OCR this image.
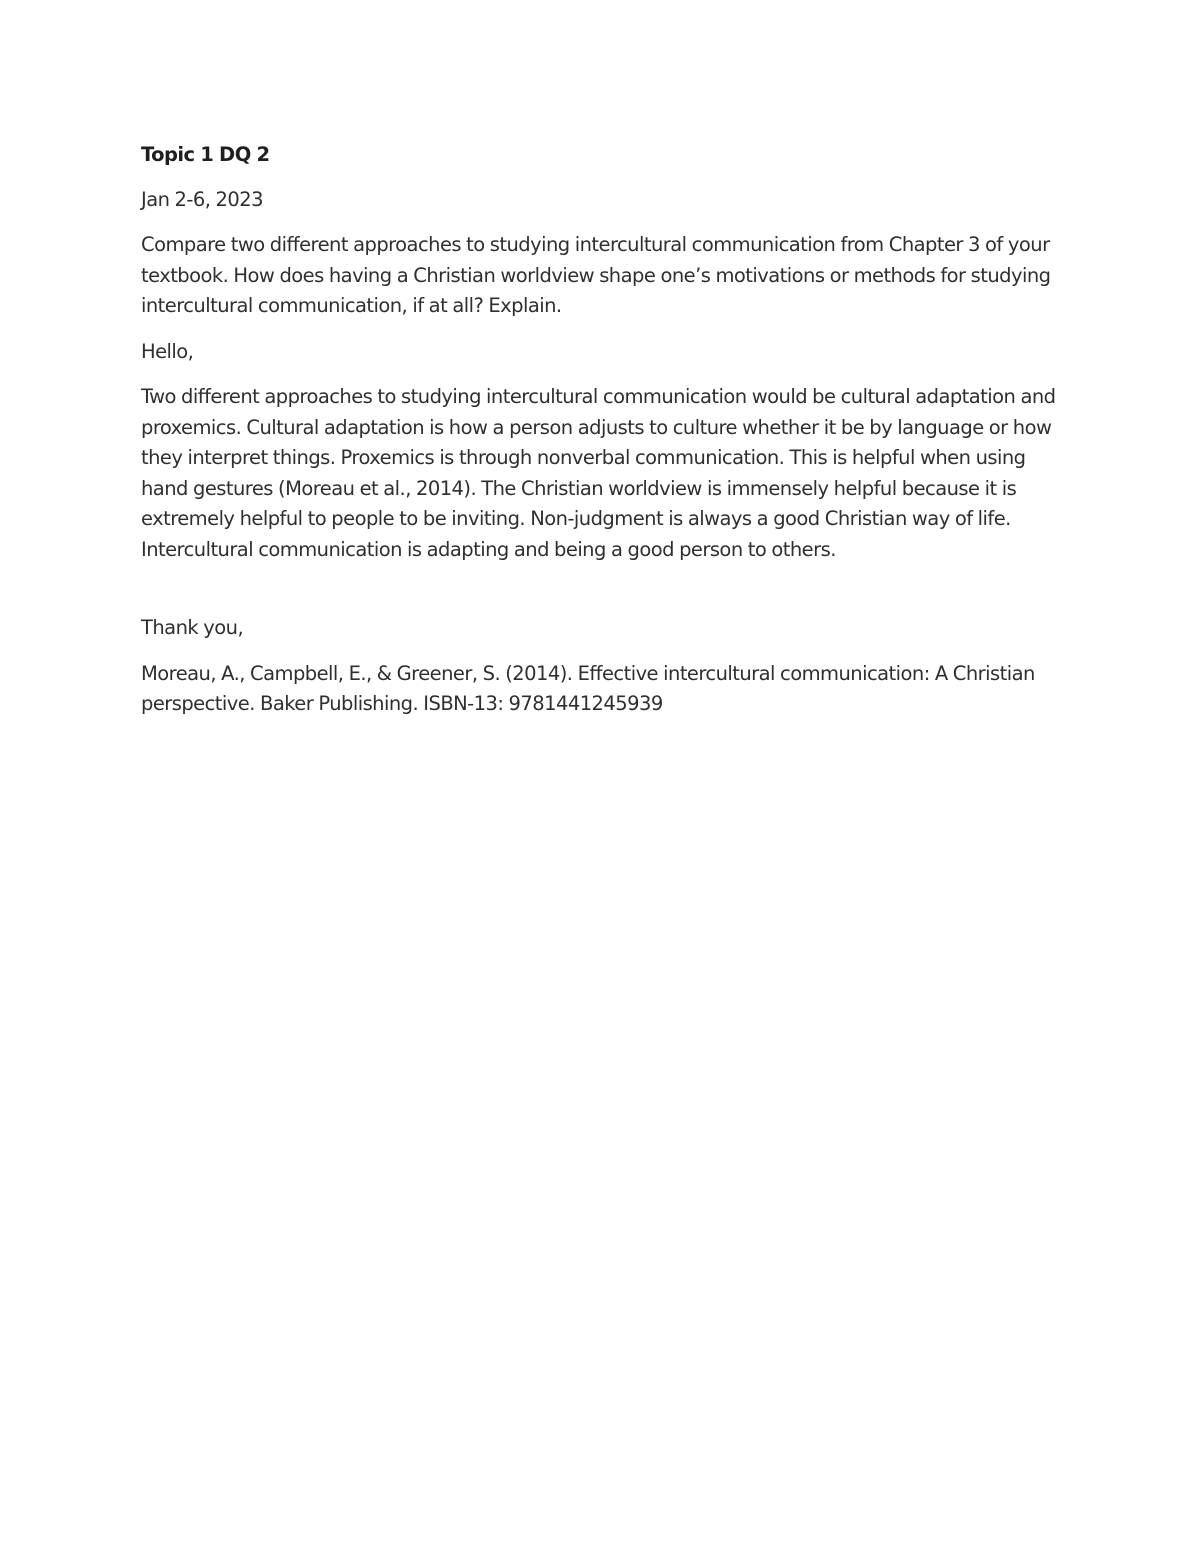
Topic 1 DQ 2
Jan 2-6, 2023
Compare two different approaches to studying intercultural communication from Chapter 3 of your textbook. How does having a Christian worldview shape one’s motivations or methods for studying intercultural communication, if at all? Explain.
Hello,
Two different approaches to studying intercultural communication would be cultural adaptation and proxemics. Cultural adaptation is how a person adjusts to culture whether it be by language or how they interpret things. Proxemics is through nonverbal communication. This is helpful when using hand gestures (Moreau et al., 2014). The Christian worldview is immensely helpful because it is extremely helpful to people to be inviting. Non-judgment is always a good Christian way of life. Intercultural communication is adapting and being a good person to others.
Thank you,
Moreau, A., Campbell, E., & Greener, S. (2014). Effective intercultural communication: A Christian perspective. Baker Publishing. ISBN-13: 9781441245939
